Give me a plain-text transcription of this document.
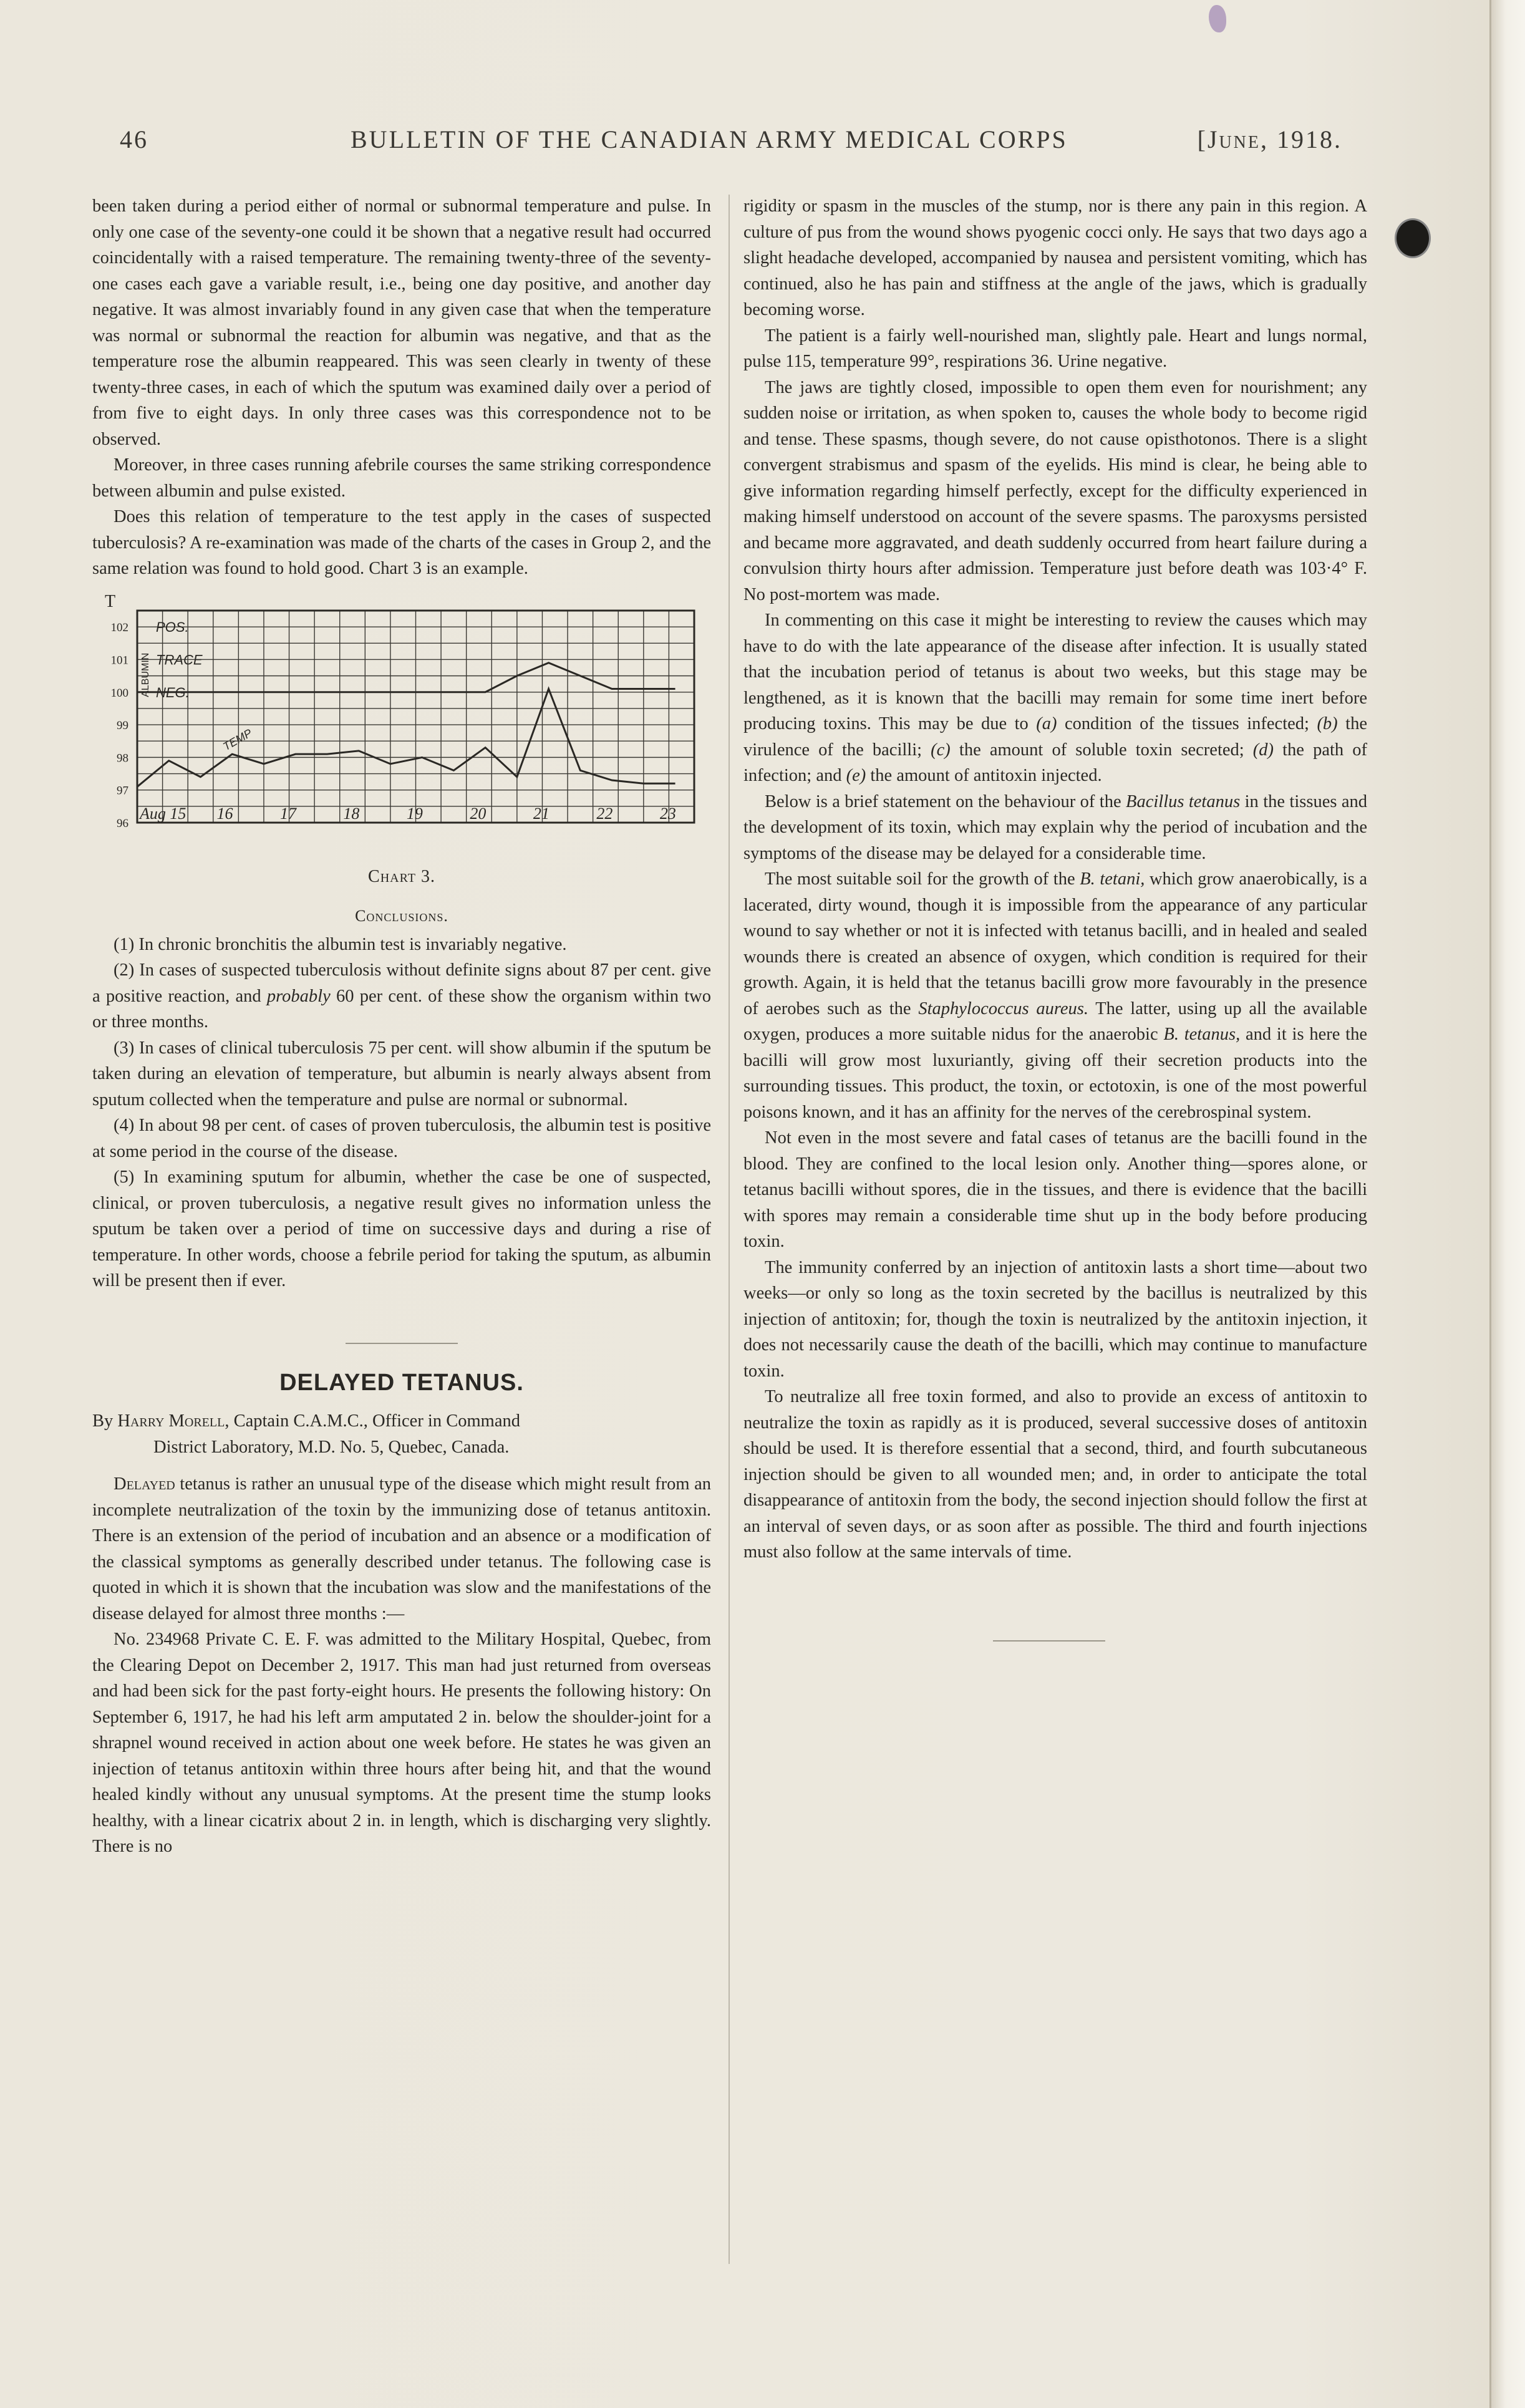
46	BULLETIN OF THE CANADIAN ARMY MEDICAL CORPS	[June, 1918.

been taken during a period either of normal or subnormal temperature and pulse. In only one case of the seventy-one could it be shown that a negative result had occurred coincidentally with a raised temperature. The remaining twenty-three of the seventy-one cases each gave a variable result, i.e., being one day positive, and another day negative. It was almost invariably found in any given case that when the temperature was normal or subnormal the reaction for albumin was negative, and that as the temperature rose the albumin reappeared. This was seen clearly in twenty of these twenty-three cases, in each of which the sputum was examined daily over a period of from five to eight days. In only three cases was this correspondence not to be observed.

Moreover, in three cases running afebrile courses the same striking correspondence between albumin and pulse existed.

Does this relation of temperature to the test apply in the cases of suspected tuberculosis? A re-examination was made of the charts of the cases in Group 2, and the same relation was found to hold good. Chart 3 is an example.

T
102
101
100
99
98
97
96
Aug 15 16	17	18	19	20	21	22	23
ALBUMIN
POS.
TRACE
NEG.
TEMP

Chart 3.

Conclusions.

(1) In chronic bronchitis the albumin test is invariably negative.

(2) In cases of suspected tuberculosis without definite signs about 87 per cent. give a positive reaction, and probably 60 per cent. of these show the organism within two or three months.

(3) In cases of clinical tuberculosis 75 per cent. will show albumin if the sputum be taken during an elevation of temperature, but albumin is nearly always absent from sputum collected when the temperature and pulse are normal or subnormal.

(4) In about 98 per cent. of cases of proven tuberculosis, the albumin test is positive at some period in the course of the disease.

(5) In examining sputum for albumin, whether the case be one of suspected, clinical, or proven tuberculosis, a negative result gives no information unless the sputum be taken over a period of time on successive days and during a rise of temperature. In other words, choose a febrile period for taking the sputum, as albumin will be present then if ever.

DELAYED TETANUS.

By Harry Morell, Captain C.A.M.C., Officer in Command
District Laboratory, M.D. No. 5, Quebec, Canada.

Delayed tetanus is rather an unusual type of the disease which might result from an incomplete neutralization of the toxin by the immunizing dose of tetanus antitoxin. There is an extension of the period of incubation and an absence or a modification of the classical symptoms as generally described under tetanus. The following case is quoted in which it is shown that the incubation was slow and the manifestations of the disease delayed for almost three months :—

No. 234968 Private C. E. F. was admitted to the Military Hospital, Quebec, from the Clearing Depot on December 2, 1917. This man had just returned from overseas and had been sick for the past forty-eight hours. He presents the following history: On September 6, 1917, he had his left arm amputated 2 in. below the shoulder-joint for a shrapnel wound received in action about one week before. He states he was given an injection of tetanus antitoxin within three hours after being hit, and that the wound healed kindly without any unusual symptoms. At the present time the stump looks healthy, with a linear cicatrix about 2 in. in length, which is discharging very slightly. There is no

rigidity or spasm in the muscles of the stump, nor is there any pain in this region. A culture of pus from the wound shows pyogenic cocci only. He says that two days ago a slight headache developed, accompanied by nausea and persistent vomiting, which has continued, also he has pain and stiffness at the angle of the jaws, which is gradually becoming worse.

The patient is a fairly well-nourished man, slightly pale. Heart and lungs normal, pulse 115, temperature 99°, respirations 36. Urine negative.

The jaws are tightly closed, impossible to open them even for nourishment; any sudden noise or irritation, as when spoken to, causes the whole body to become rigid and tense. These spasms, though severe, do not cause opisthotonos. There is a slight convergent strabismus and spasm of the eyelids. His mind is clear, he being able to give information regarding himself perfectly, except for the difficulty experienced in making himself understood on account of the severe spasms. The paroxysms persisted and became more aggravated, and death suddenly occurred from heart failure during a convulsion thirty hours after admission. Temperature just before death was 103·4° F. No post-mortem was made.

In commenting on this case it might be interesting to review the causes which may have to do with the late appearance of the disease after infection. It is usually stated that the incubation period of tetanus is about two weeks, but this stage may be lengthened, as it is known that the bacilli may remain for some time inert before producing toxins. This may be due to (a) condition of the tissues infected; (b) the virulence of the bacilli; (c) the amount of soluble toxin secreted; (d) the path of infection; and (e) the amount of antitoxin injected.

Below is a brief statement on the behaviour of the Bacillus tetanus in the tissues and the development of its toxin, which may explain why the period of incubation and the symptoms of the disease may be delayed for a considerable time.

The most suitable soil for the growth of the B. tetani, which grow anaerobically, is a lacerated, dirty wound, though it is impossible from the appearance of any particular wound to say whether or not it is infected with tetanus bacilli, and in healed and sealed wounds there is created an absence of oxygen, which condition is required for their growth. Again, it is held that the tetanus bacilli grow more favourably in the presence of aerobes such as the Staphylococcus aureus. The latter, using up all the available oxygen, produces a more suitable nidus for the anaerobic B. tetanus, and it is here the bacilli will grow most luxuriantly, giving off their secretion products into the surrounding tissues. This product, the toxin, or ectotoxin, is one of the most powerful poisons known, and it has an affinity for the nerves of the cerebrospinal system.

Not even in the most severe and fatal cases of tetanus are the bacilli found in the blood. They are confined to the local lesion only. Another thing—spores alone, or tetanus bacilli without spores, die in the tissues, and there is evidence that the bacilli with spores may remain a considerable time shut up in the body before producing toxin.

The immunity conferred by an injection of antitoxin lasts a short time—about two weeks—or only so long as the toxin secreted by the bacillus is neutralized by this injection of antitoxin; for, though the toxin is neutralized by the antitoxin injection, it does not necessarily cause the death of the bacilli, which may continue to manufacture toxin.

To neutralize all free toxin formed, and also to provide an excess of antitoxin to neutralize the toxin as rapidly as it is produced, several successive doses of antitoxin should be used. It is therefore essential that a second, third, and fourth subcutaneous injection should be given to all wounded men; and, in order to anticipate the total disappearance of antitoxin from the body, the second injection should follow the first at an interval of seven days, or as soon after as possible. The third and fourth injections must also follow at the same intervals of time.
